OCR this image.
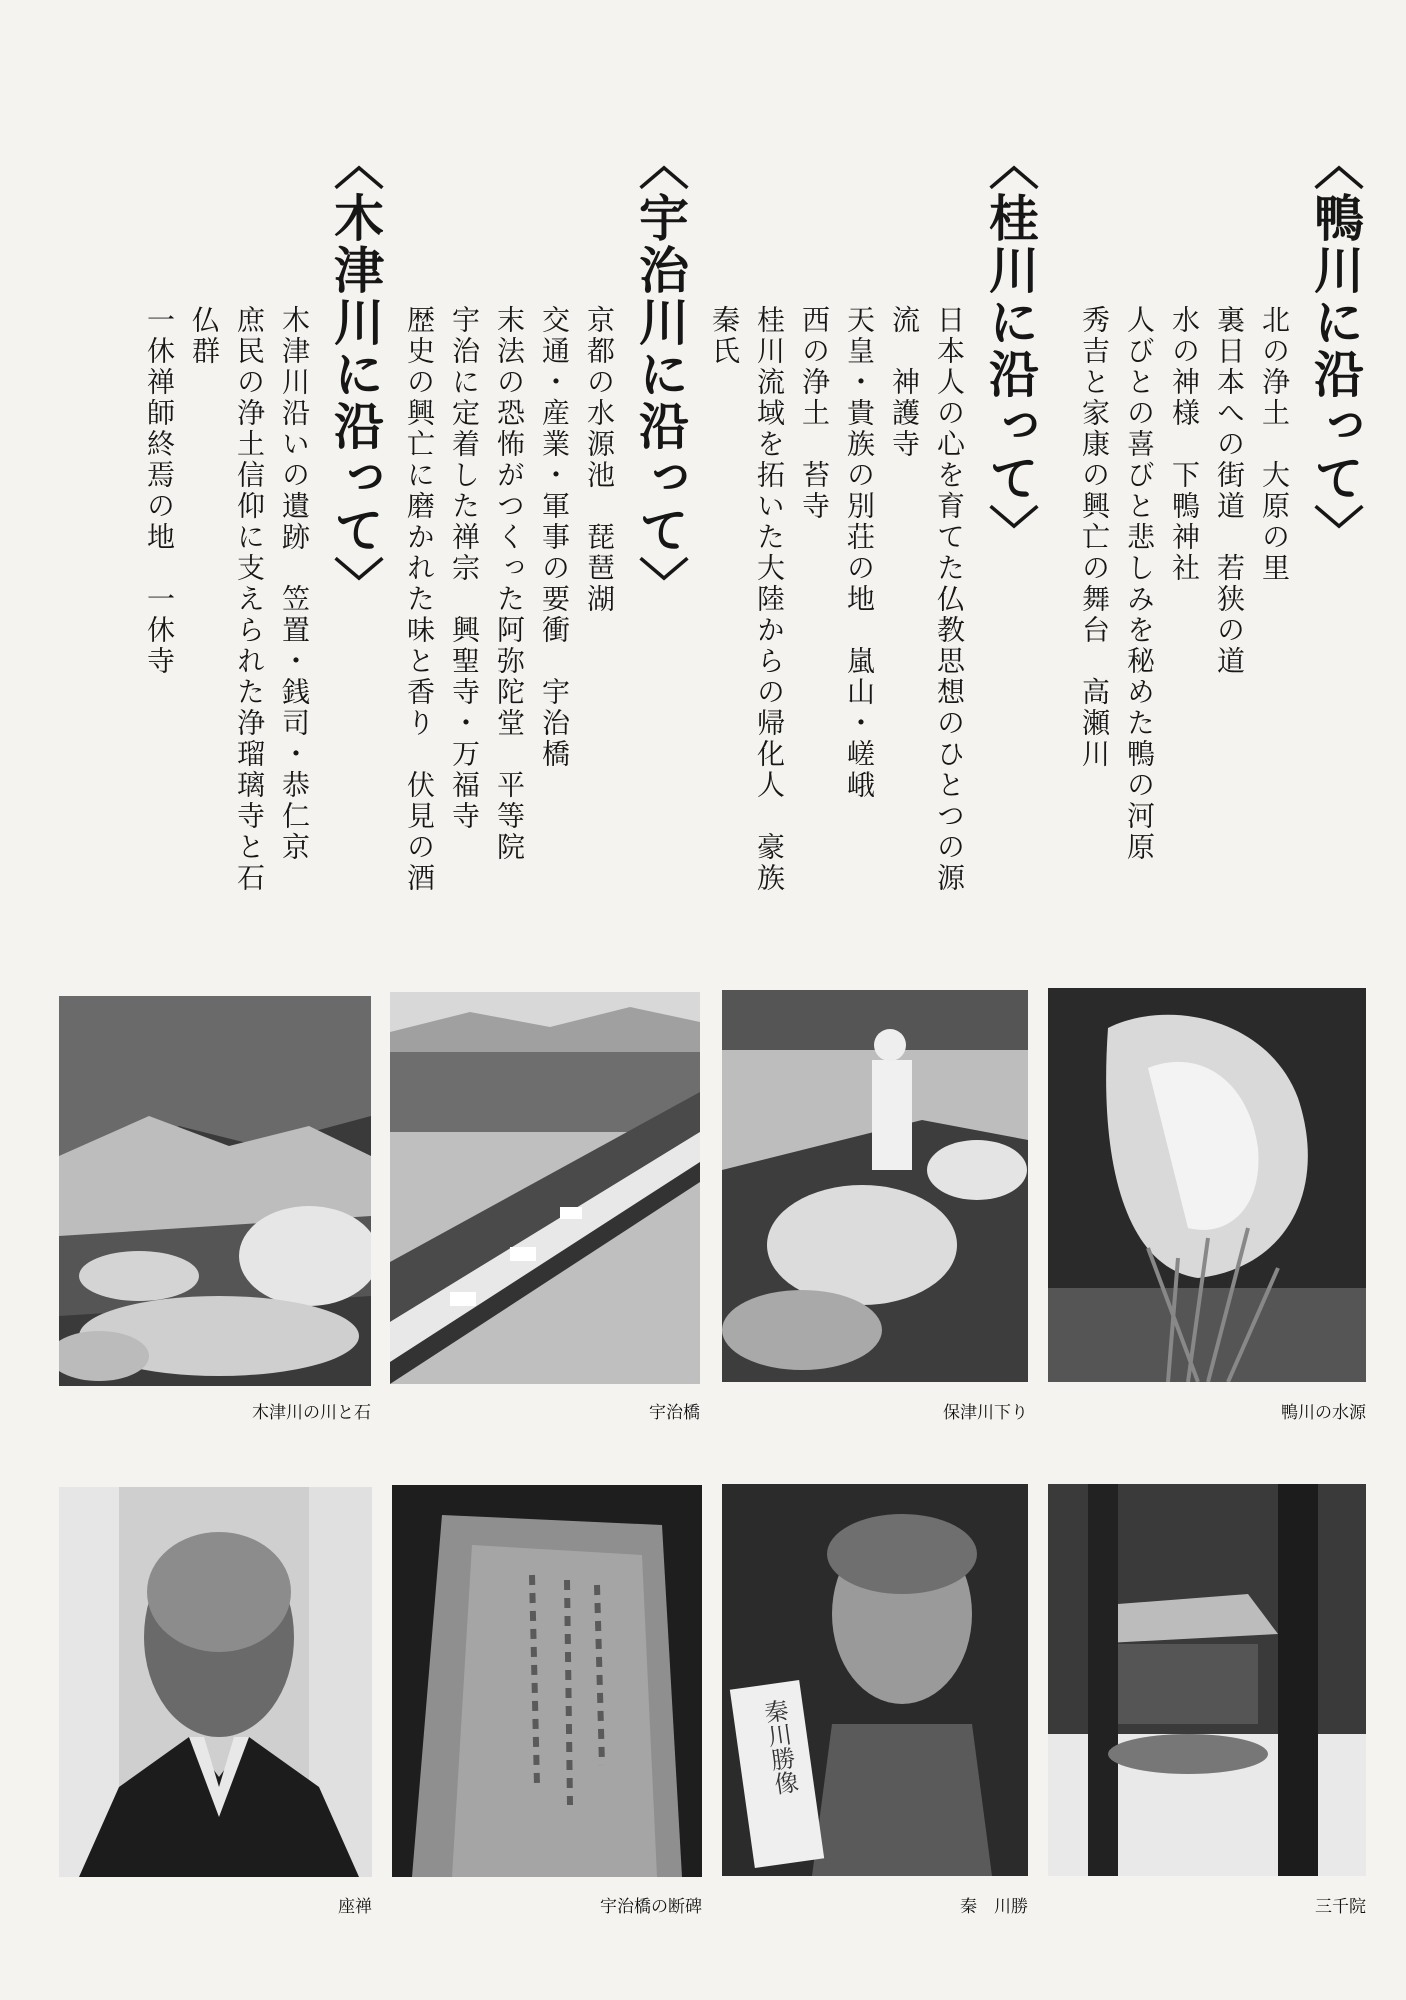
〈鴨川に沿って〉
北の浄土　大原の里
裏日本への街道　若狭の道
水の神様　下鴨神社
人びとの喜びと悲しみを秘めた鴨の河原
秀吉と家康の興亡の舞台　高瀬川
〈桂川に沿って〉
日本人の心を育てた仏教思想のひとつの源
流　神護寺
天皇・貴族の別荘の地　嵐山・嵯峨
西の浄土　苔寺
桂川流域を拓いた大陸からの帰化人　豪族
秦氏
〈宇治川に沿って〉
京都の水源池　琵琶湖
交通・産業・軍事の要衝　宇治橋
末法の恐怖がつくった阿弥陀堂　平等院
宇治に定着した禅宗　興聖寺・万福寺
歴史の興亡に磨かれた味と香り　伏見の酒
〈木津川に沿って〉
木津川沿いの遺跡　笠置・銭司・恭仁京
庶民の浄土信仰に支えられた浄瑠璃寺と石
仏群
一休禅師終焉の地　一休寺
木津川の川と石	宇治橋	保津川下り	鴨川の水源
秦川勝像
座禅	宇治橋の断碑	秦　川勝	三千院
